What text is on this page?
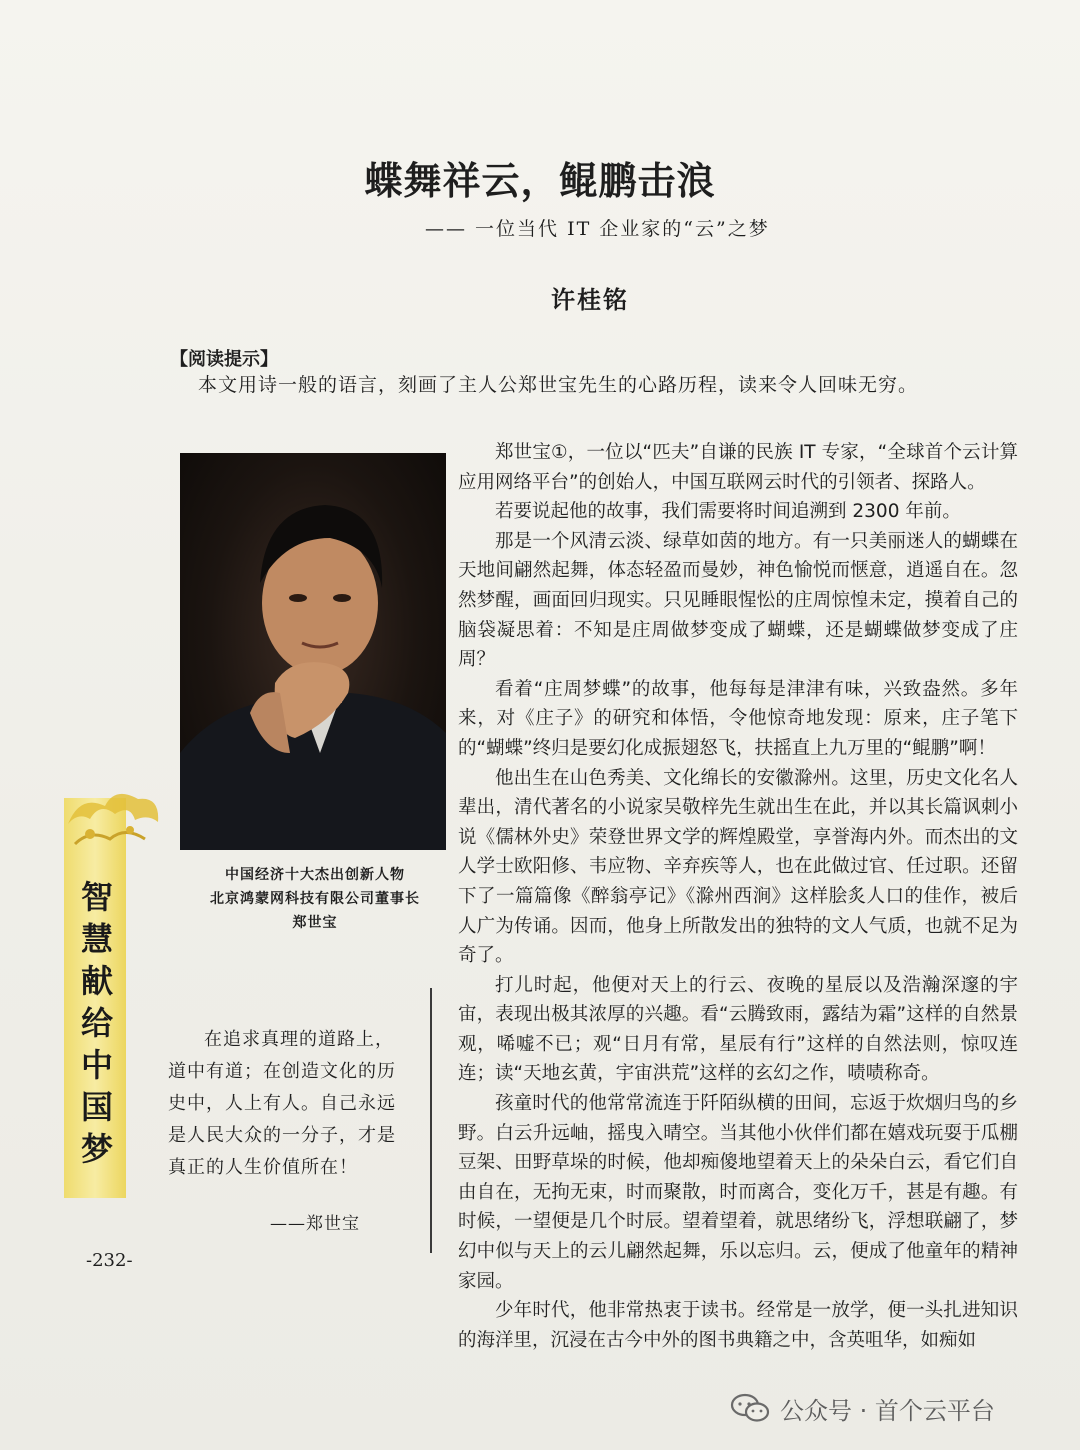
蝶舞祥云，鲲鹏击浪
—— 一位当代 IT 企业家的“云”之梦
许桂铭
【阅读提示】
本文用诗一般的语言，刻画了主人公郑世宝先生的心路历程，读来令人回味无穷。
中国经济十大杰出创新人物
北京鸿蒙网科技有限公司董事长
郑世宝
在追求真理的道路上，道中有道；在创造文化的历史中，人上有人。自己永远是人民大众的一分子，才是真正的人生价值所在！
——郑世宝
智慧献给中国梦
-232-

郑世宝①，一位以“匹夫”自谦的民族 IT 专家，“全球首个云计算应用网络平台”的创始人，中国互联网云时代的引领者、探路人。

若要说起他的故事，我们需要将时间追溯到 2300 年前。

那是一个风清云淡、绿草如茵的地方。有一只美丽迷人的蝴蝶在天地间翩然起舞，体态轻盈而曼妙，神色愉悦而惬意，逍遥自在。忽然梦醒，画面回归现实。只见睡眼惺忪的庄周惊惶未定，摸着自己的脑袋凝思着：不知是庄周做梦变成了蝴蝶，还是蝴蝶做梦变成了庄周？

看着“庄周梦蝶”的故事，他每每是津津有味，兴致盎然。多年来，对《庄子》的研究和体悟，令他惊奇地发现：原来，庄子笔下的“蝴蝶”终归是要幻化成振翅怒飞，扶摇直上九万里的“鲲鹏”啊！

他出生在山色秀美、文化绵长的安徽滁州。这里，历史文化名人辈出，清代著名的小说家吴敬梓先生就出生在此，并以其长篇讽刺小说《儒林外史》荣登世界文学的辉煌殿堂，享誉海内外。而杰出的文人学士欧阳修、韦应物、辛弃疾等人，也在此做过官、任过职。还留下了一篇篇像《醉翁亭记》《滁州西涧》这样脍炙人口的佳作，被后人广为传诵。因而，他身上所散发出的独特的文人气质，也就不足为奇了。

打儿时起，他便对天上的行云、夜晚的星辰以及浩瀚深邃的宇宙，表现出极其浓厚的兴趣。看“云腾致雨，露结为霜”这样的自然景观，唏嘘不已；观“日月有常，星辰有行”这样的自然法则，惊叹连连；读“天地玄黄，宇宙洪荒”这样的玄幻之作，啧啧称奇。

孩童时代的他常常流连于阡陌纵横的田间，忘返于炊烟归鸟的乡野。白云升远岫，摇曳入晴空。当其他小伙伴们都在嬉戏玩耍于瓜棚豆架、田野草垛的时候，他却痴傻地望着天上的朵朵白云，看它们自由自在，无拘无束，时而聚散，时而离合，变化万千，甚是有趣。有时候，一望便是几个时辰。望着望着，就思绪纷飞，浮想联翩了，梦幻中似与天上的云儿翩然起舞，乐以忘归。云，便成了他童年的精神家园。

少年时代，他非常热衷于读书。经常是一放学，便一头扎进知识的海洋里，沉浸在古今中外的图书典籍之中，含英咀华，如痴如

公众号 · 首个云平台
